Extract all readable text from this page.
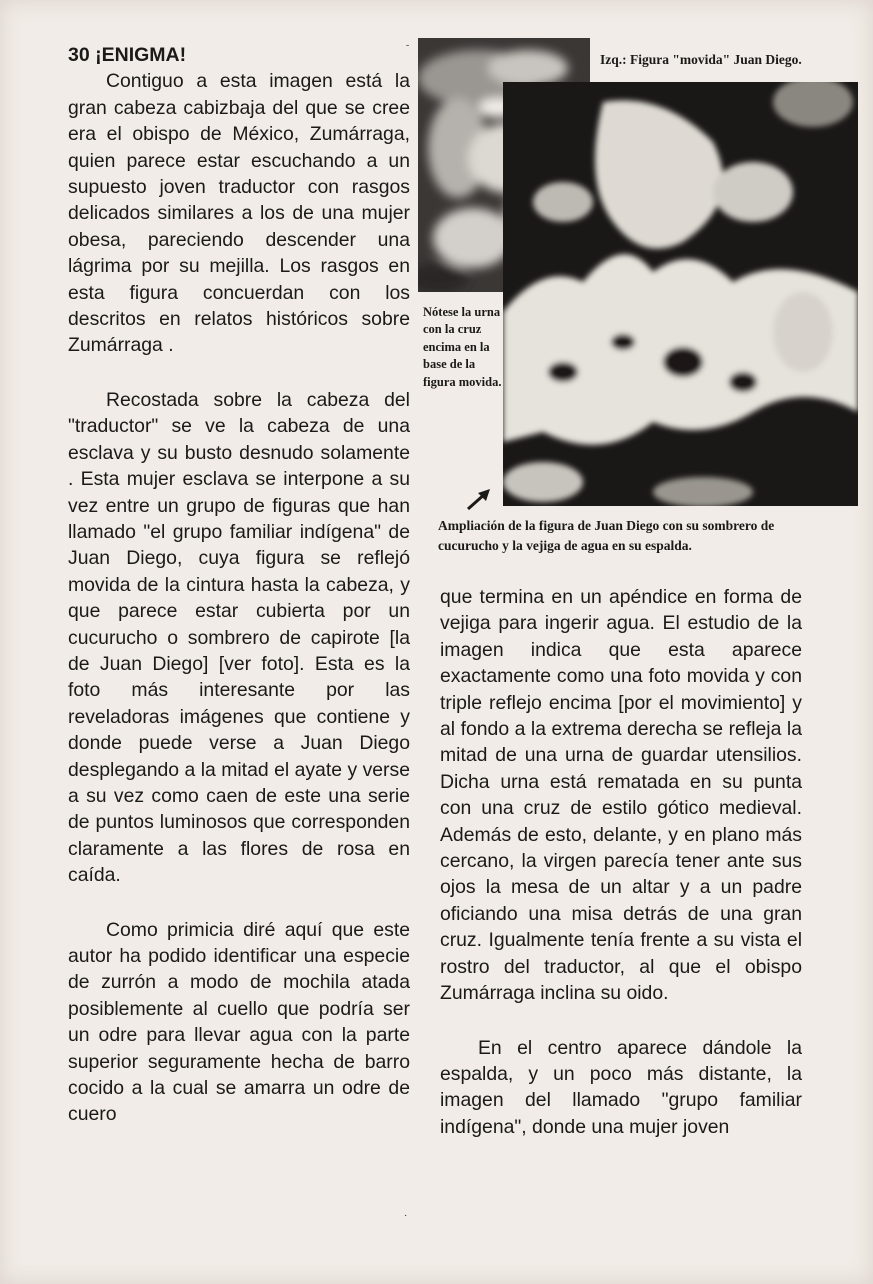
ˉ

30 ¡ENIGMA!

Contiguo a esta imagen está la gran cabeza cabizbaja del que se cree era el obispo de México, Zumárraga, quien parece estar escuchando a un supuesto joven traductor con rasgos delicados similares a los de una mujer obesa, pareciendo descender una lágrima por su mejilla. Los rasgos en esta figura concuerdan con los descritos en relatos históricos sobre Zumárraga .

Recostada sobre la cabeza del "traductor" se ve la cabeza de una esclava y su busto desnudo solamente . Esta mujer esclava se interpone a su vez entre un grupo de figuras que han llamado "el grupo familiar indígena" de Juan Diego, cuya figura se reflejó movida de la cintura hasta la cabeza, y que parece estar cubierta por un cucurucho o sombrero de capirote [la de Juan Diego] [ver foto]. Esta es la foto más interesante por las reveladoras imágenes que contiene y donde puede verse a Juan Diego desplegando a la mitad el ayate y verse a su vez como caen de este una serie de puntos luminosos que corresponden claramente a las flores de rosa en caída.

Como primicia diré aquí que este autor ha podido identificar una especie de zurrón a modo de mochila atada posiblemente al cuello que podría ser un odre para llevar agua con la parte superior seguramente hecha de barro cocido a la cual se amarra un odre de cuero

Izq.: Figura "movida" Juan Diego.

Nótese la urna con la cruz encima en la base de la figura movida.

Ampliación de la figura de Juan Diego con su sombrero de cucurucho y la vejiga de agua en su espalda.

que termina en un apéndice en forma de vejiga para ingerir agua. El estudio de la imagen indica que esta aparece exactamente como una foto movida y con triple reflejo encima [por el movimiento] y al fondo a la extrema derecha se refleja la mitad de una urna de guardar utensilios. Dicha urna está rematada en su punta con una cruz de estilo gótico medieval. Además de esto, delante, y en plano más cercano, la virgen parecía tener ante sus ojos la mesa de un altar y a un padre oficiando una misa detrás de una gran cruz. Igualmente tenía frente a su vista el rostro del traductor, al que el obispo Zumárraga inclina su oido.

En el centro aparece dándole la espalda, y un poco más distante, la imagen del llamado "grupo familiar indígena", donde una mujer joven

·
